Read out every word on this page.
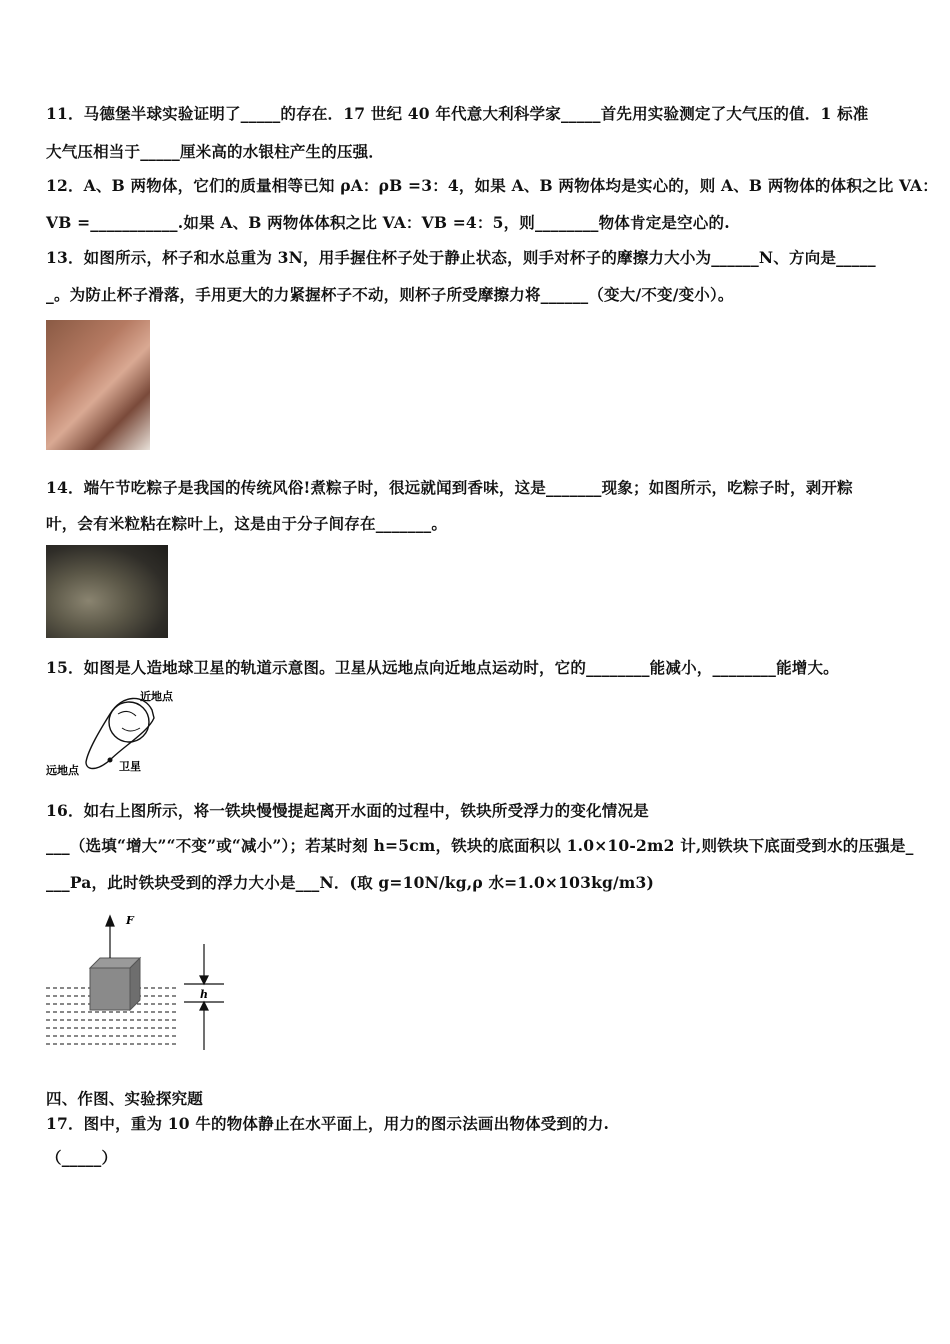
11．马德堡半球实验证明了_____的存在．17 世纪 40 年代意大利科学家_____首先用实验测定了大气压的值．1 标准
大气压相当于_____厘米高的水银柱产生的压强．
12．A、B 两物体，它们的质量相等已知 ρA：ρB =3：4，如果 A、B 两物体均是实心的，则 A、B 两物体的体积之比 VA：
VB =___________.如果 A、B 两物体体积之比 VA：VB =4：5，则________物体肯定是空心的.
13．如图所示，杯子和水总重为 3N，用手握住杯子处于静止状态，则手对杯子的摩擦力大小为______N、方向是_____
_。为防止杯子滑落，手用更大的力紧握杯子不动，则杯子所受摩擦力将______（变大/不变/变小）。
14．端午节吃粽子是我国的传统风俗!煮粽子时，很远就闻到香味，这是_______现象；如图所示，吃粽子时，剥开粽
叶，会有米粒粘在粽叶上，这是由于分子间存在_______。
15．如图是人造地球卫星的轨道示意图。卫星从远地点向近地点运动时，它的________能减小，________能增大。
近地点
远地点	卫星
16．如右上图所示，将一铁块慢慢提起离开水面的过程中，铁块所受浮力的变化情况是
___（选填“增大”“不变”或“减小”）；若某时刻 h=5cm，铁块的底面积以 1.0×10-2m2 计,则铁块下底面受到水的压强是_
___Pa，此时铁块受到的浮力大小是___N．(取 g=10N/kg,ρ 水=1.0×103kg/m3)
F
h
四、作图、实验探究题
17．图中，重为 10 牛的物体静止在水平面上，用力的图示法画出物体受到的力.
（_____）
